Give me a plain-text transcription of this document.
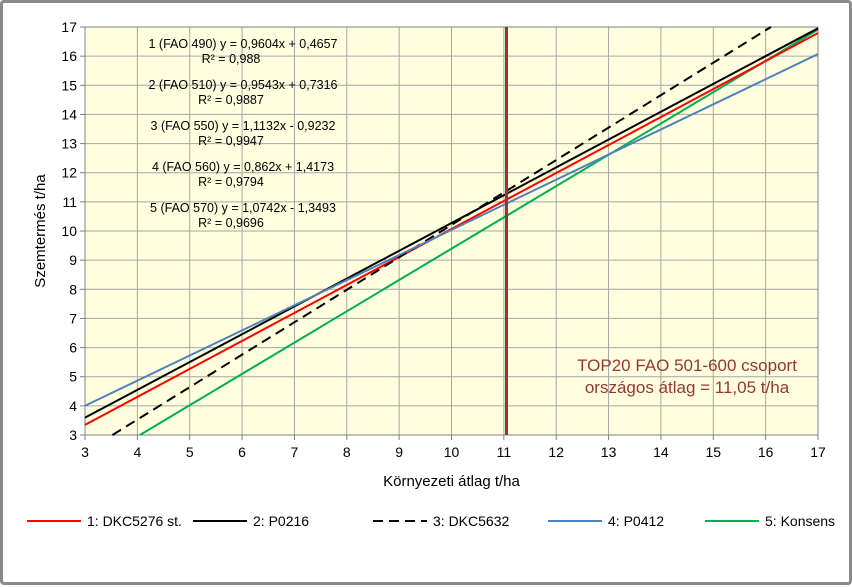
3	4	5	6	7	8	9	10	11	12	13	14	15	16	17
3
4
5
6
7
8
9
10
11
12
13
14
15
16
17
1 (FAO 490) y = 0,9604x + 0,4657
R² = 0,988
2 (FAO 510) y = 0,9543x + 0,7316
R² = 0,9887
3 (FAO 550) y = 1,1132x - 0,9232
R² = 0,9947
4 (FAO 560) y = 0,862x + 1,4173
R² = 0,9794
5 (FAO 570) y = 1,0742x - 1,3493
R² = 0,9696
Környezeti átlag t/ha
Szemtermés t/ha
TOP20 FAO 501-600 csoport
országos átlag = 11,05 t/ha
1: DKC5276 st.	2: P0216	3: DKC5632	4: P0412	5: Konsens
